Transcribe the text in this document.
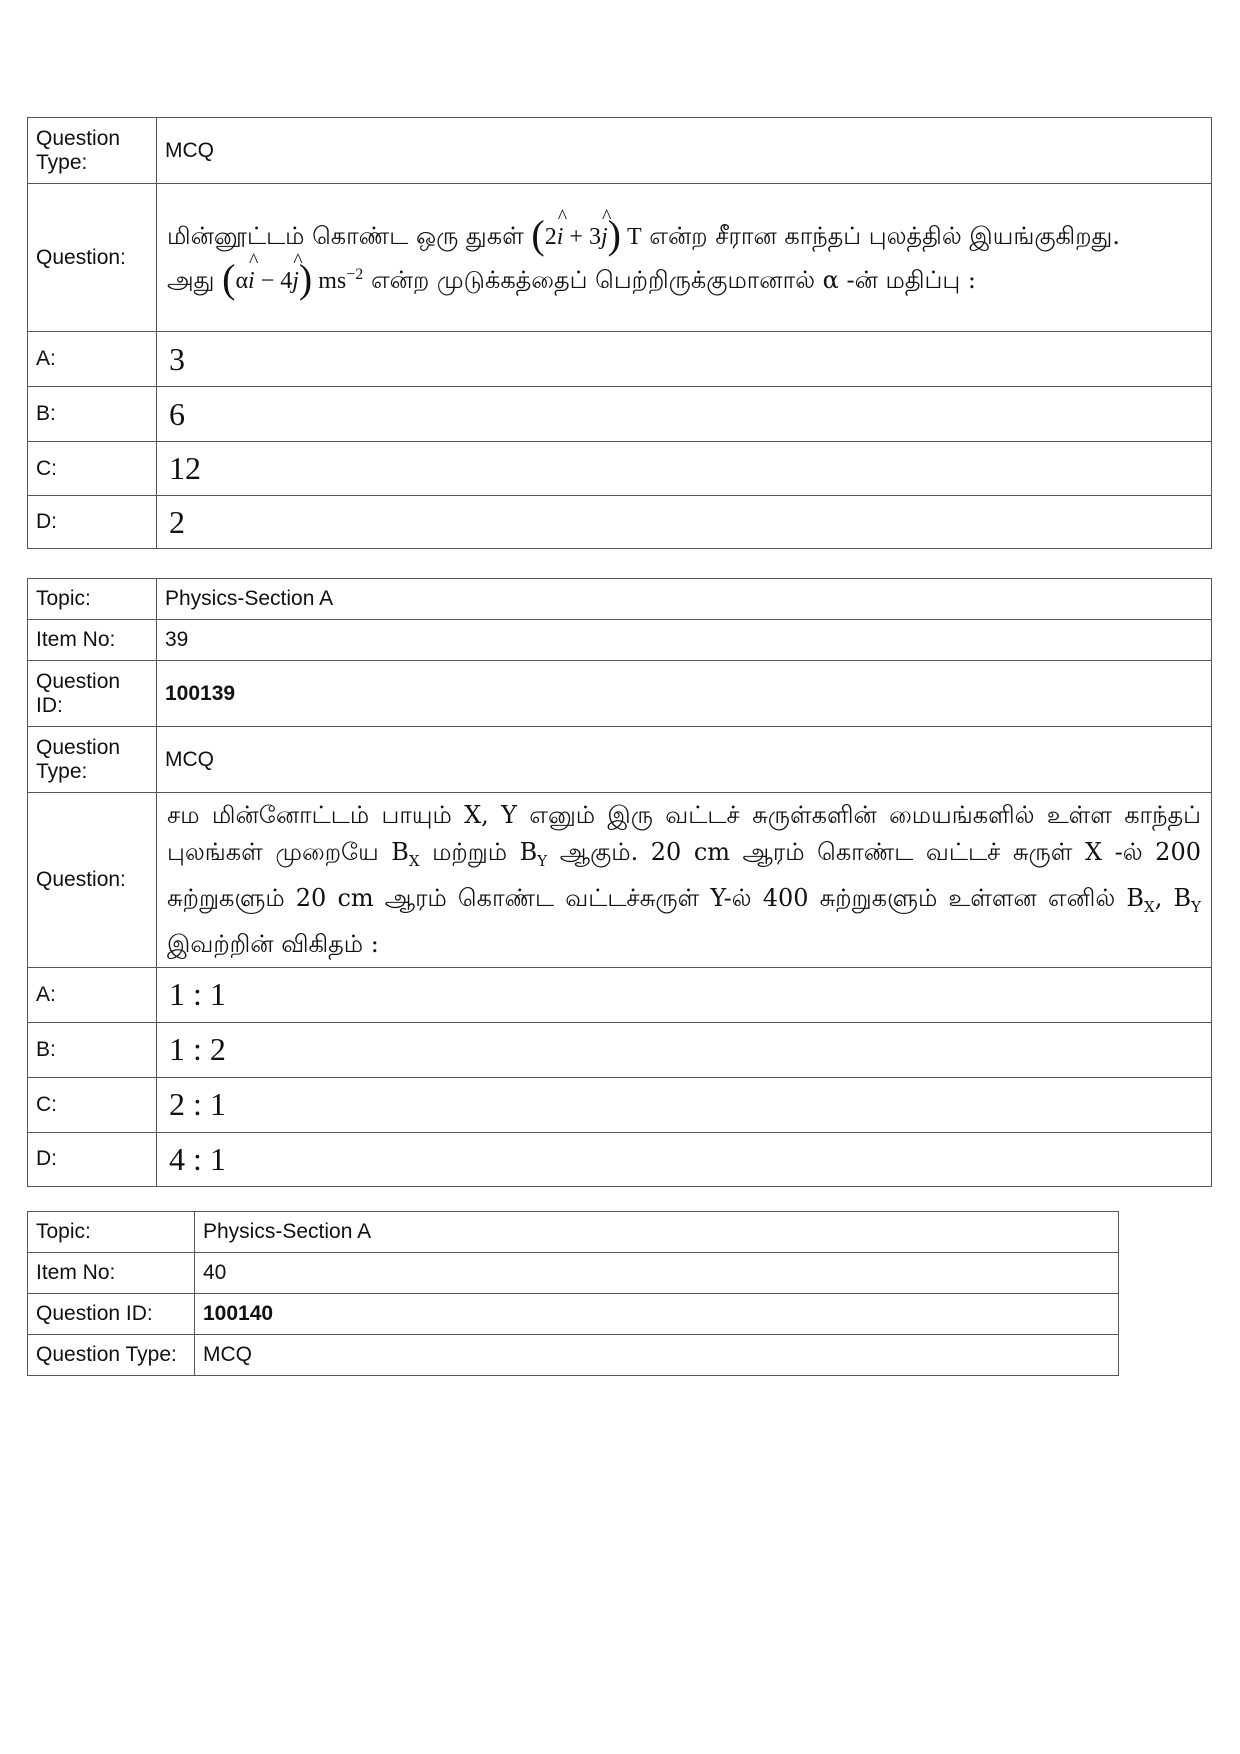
Question Type:	MCQ
Question:	மின்னூட்டம் கொண்ட ஒரு துகள் (2^ i + 3^ j) T என்ற சீரான காந்தப் புலத்தில் இயங்குகிறது.
அது (α^ i − 4^ j) $ms^{-2}$ என்ற முடுக்கத்தைப் பெற்றிருக்குமானால் α -ன் மதிப்பு :

A:	3
B:	6
C:	12
D:	2
Topic:	Physics-Section A
Item No:	39
Question ID:	100139
Question Type:	MCQ
Question:	சம மின்னோட்டம் பாயும் X, Y எனும் இரு வட்டச் சுருள்களின் மையங்களில் உள்ள காந்தப் புலங்கள் முறையே $B_X$ மற்றும் $B_Y$ ஆகும். 20 cm ஆரம் கொண்ட வட்டச் சுருள் X -ல் 200 சுற்றுகளும் 20 cm ஆரம் கொண்ட வட்டச்சுருள் Y-ல் 400 சுற்றுகளும் உள்ளன எனில் $B_X$, $B_Y$ இவற்றின் விகிதம் :
A:	1 : 1
B:	1 : 2
C:	2 : 1
D:	4 : 1
Topic:	Physics-Section A
Item No:	40
Question ID:	100140
Question Type:	MCQ
